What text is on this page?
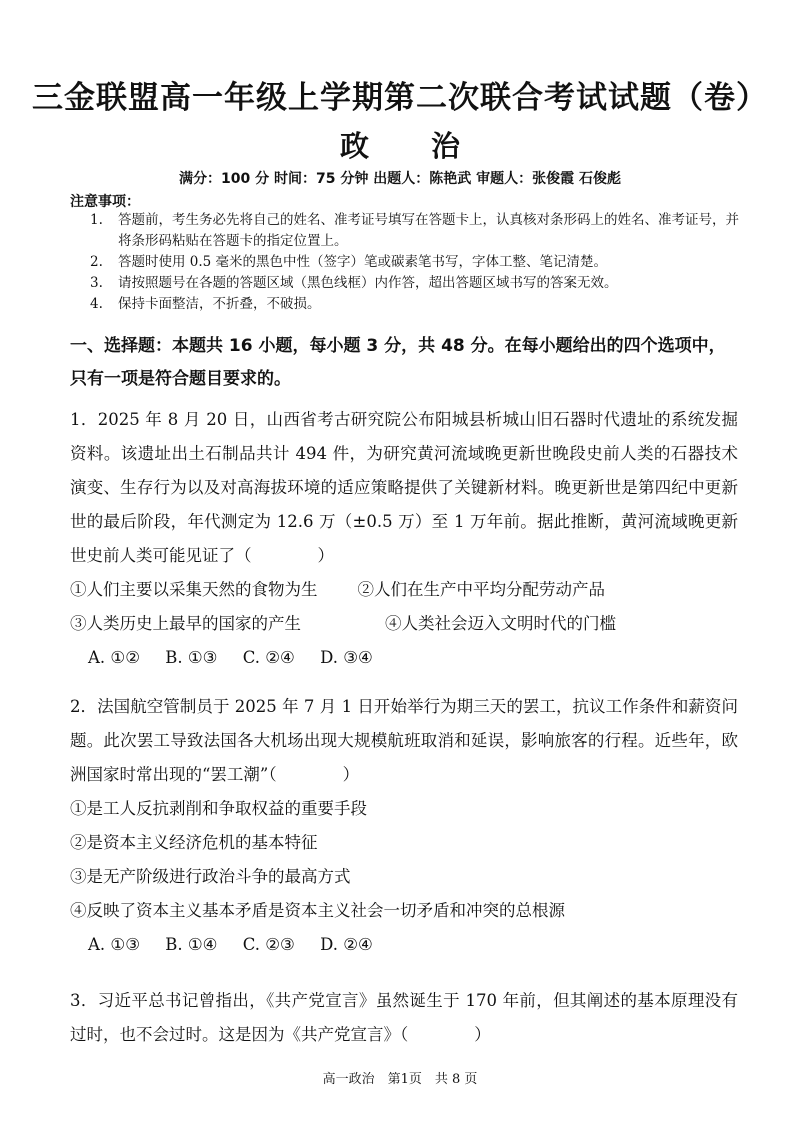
三金联盟高一年级上学期第二次联合考试试题（卷）
政 治
满分：100 分 时间：75 分钟 出题人：陈艳武 审题人：张俊霞 石俊彪
注意事项：
1.	答题前，考生务必先将自己的姓名、准考证号填写在答题卡上，认真核对条形码上的姓名、准考证号，并将条形码粘贴在答题卡的指定位置上。
2.	答题时使用 0.5 毫米的黑色中性（签字）笔或碳素笔书写，字体工整、笔记清楚。
3.	请按照题号在各题的答题区域（黑色线框）内作答，超出答题区域书写的答案无效。
4.	保持卡面整洁，不折叠，不破损。
一、选择题：本题共 16 小题，每小题 3 分，共 48 分。在每小题给出的四个选项中，只有一项是符合题目要求的。
1．2025 年 8 月 20 日，山西省考古研究院公布阳城县析城山旧石器时代遗址的系统发掘资料。该遗址出土石制品共计 494 件，为研究黄河流域晚更新世晚段史前人类的石器技术演变、生存行为以及对高海拔环境的适应策略提供了关键新材料。晚更新世是第四纪中更新世的最后阶段，年代测定为 12.6 万（±0.5 万）至 1 万年前。据此推断，黄河流域晚更新世史前人类可能见证了（　　　　）
①人们主要以采集天然的食物为生 ②人们在生产中平均分配劳动产品
③人类历史上最早的国家的产生	④人类社会迈入文明时代的门槛
A. ①② B. ①③ C. ②④ D. ③④
2．法国航空管制员于 2025 年 7 月 1 日开始举行为期三天的罢工，抗议工作条件和薪资问题。此次罢工导致法国各大机场出现大规模航班取消和延误，影响旅客的行程。近些年，欧洲国家时常出现的“罢工潮”（　　　　）
①是工人反抗剥削和争取权益的重要手段
②是资本主义经济危机的基本特征
③是无产阶级进行政治斗争的最高方式
④反映了资本主义基本矛盾是资本主义社会一切矛盾和冲突的总根源
A. ①③ B. ①④ C. ②③ D. ②④
3．习近平总书记曾指出，《共产党宣言》虽然诞生于 170 年前，但其阐述的基本原理没有过时，也不会过时。这是因为《共产党宣言》（　　　　）
高一政治　第1页　共 8 页
